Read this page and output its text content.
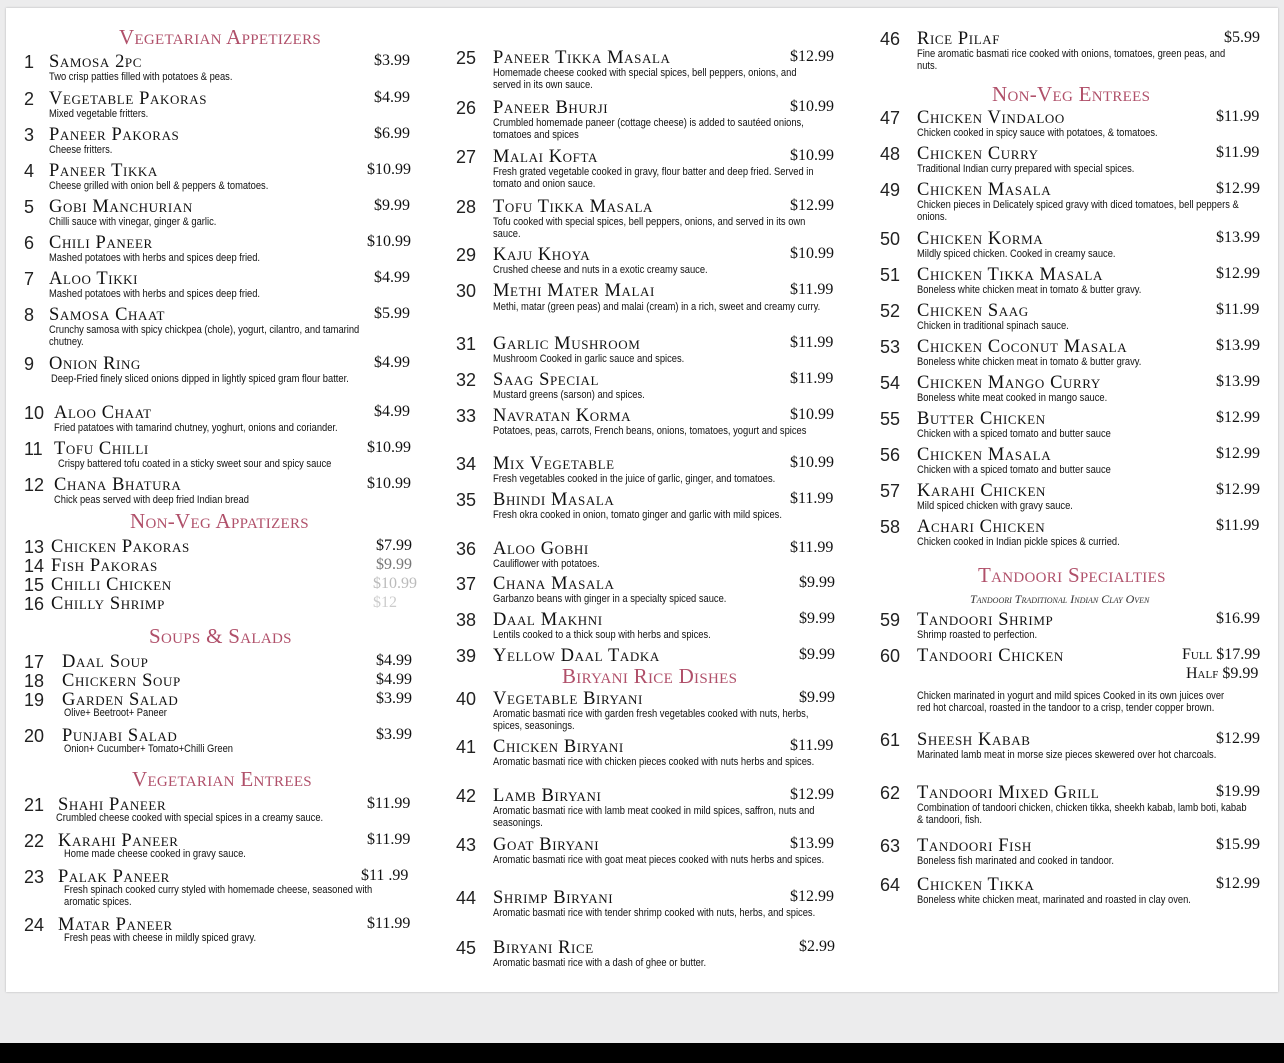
Vegetarian Appetizers
1 Samosa 2pc	$3.99
Two crisp patties filled with potatoes & peas.
2 Vegetable Pakoras	$4.99
Mixed vegetable fritters.
3 Paneer Pakoras	$6.99
Cheese fritters.
4 Paneer Tikka	$10.99
Cheese grilled with onion bell & peppers & tomatoes.
5 Gobi Manchurian	$9.99
Chilli sauce with vinegar, ginger & garlic.
6 Chili Paneer	$10.99
Mashed potatoes with herbs and spices deep fried.
7 Aloo Tikki	$4.99
Mashed potatoes with herbs and spices deep fried.
8 Samosa Chaat	$5.99
Crunchy samosa with spicy chickpea (chole), yogurt, cilantro, and tamarind chutney.
9 Onion Ring	$4.99
Deep-Fried finely sliced onions dipped in lightly spiced gram flour batter.
10 Aloo Chaat	$4.99
Fried patatoes with tamarind chutney, yoghurt, onions and coriander.
11 Tofu Chilli	$10.99
Crispy battered tofu coated in a sticky sweet sour and spicy sauce
12 Chana Bhatura	$10.99
Chick peas served with deep fried Indian bread
Non-Veg Appatizers
13 Chicken Pakoras	$7.99
14 Fish Pakoras	$9.99
15 Chilli Chicken	$10.99
16 Chilly Shrimp	$12
Soups & Salads
17 Daal Soup	$4.99
18 Chickern Soup	$4.99
19 Garden Salad	$3.99
Olive+ Beetroot+ Paneer
20 Punjabi Salad	$3.99
Onion+ Cucumber+ Tomato+Chilli Green
Vegetarian Entrees
21 Shahi Paneer	$11.99
Crumbled cheese cooked with special spices in a creamy sauce.
22 Karahi Paneer	$11.99
Home made cheese cooked in gravy sauce.
23 Palak Paneer	$11 .99
Fresh spinach cooked curry styled with homemade cheese, seasoned with aromatic spices.
24 Matar Paneer	$11.99
Fresh peas with cheese in mildly spiced gravy.
25 Paneer Tikka Masala	$12.99
Homemade cheese cooked with special spices, bell peppers, onions, and served in its own sauce.
26 Paneer Bhurji	$10.99
Crumbled homemade paneer (cottage cheese) is added to sautéed onions, tomatoes and spices
27 Malai Kofta	$10.99
Fresh grated vegetable cooked in gravy, flour batter and deep fried. Served in tomato and onion sauce.
28 Tofu Tikka Masala	$12.99
Tofu cooked with special spices, bell peppers, onions, and served in its own sauce.
29 Kaju Khoya	$10.99
Crushed cheese and nuts in a exotic creamy sauce.
30 Methi Mater Malai	$11.99
Methi, matar (green peas) and malai (cream) in a rich, sweet and creamy curry.
31 Garlic Mushroom	$11.99
Mushroom Cooked in garlic sauce and spices.
32 Saag Special	$11.99
Mustard greens (sarson) and spices.
33 Navratan Korma	$10.99
Potatoes, peas, carrots, French beans, onions, tomatoes, yogurt and spices
34 Mix Vegetable	$10.99
Fresh vegetables cooked in the juice of garlic, ginger, and tomatoes.
35 Bhindi Masala	$11.99
Fresh okra cooked in onion, tomato ginger and garlic with mild spices.
36 Aloo Gobhi	$11.99
Cauliflower with potatoes.
37 Chana Masala	$9.99
Garbanzo beans with ginger in a specialty spiced sauce.
38 Daal Makhni	$9.99
Lentils cooked to a thick soup with herbs and spices.
39 Yellow Daal Tadka	$9.99
Biryani Rice Dishes
40 Vegetable Biryani	$9.99
Aromatic basmati rice with garden fresh vegetables cooked with nuts, herbs, spices, seasonings.
41 Chicken Biryani	$11.99
Aromatic basmati rice with chicken pieces cooked with nuts herbs and spices.
42 Lamb Biryani	$12.99
Aromatic basmati rice with lamb meat cooked in mild spices, saffron, nuts and seasonings.
43 Goat Biryani	$13.99
Aromatic basmati rice with goat meat pieces cooked with nuts herbs and spices.
44 Shrimp Biryani	$12.99
Aromatic basmati rice with tender shrimp cooked with nuts, herbs, and spices.
45 Biryani Rice	$2.99
Aromatic basmati rice with a dash of ghee or butter.
46 Rice Pilaf	$5.99
Fine aromatic basmati rice cooked with onions, tomatoes, green peas, and nuts.
Non-Veg Entrees
47 Chicken Vindaloo	$11.99
Chicken cooked in spicy sauce with potatoes, & tomatoes.
48 Chicken Curry	$11.99
Traditional Indian curry prepared with special spices.
49 Chicken Masala	$12.99
Chicken pieces in Delicately spiced gravy with diced tomatoes, bell peppers & onions.
50 Chicken Korma	$13.99
Mildly spiced chicken. Cooked in creamy sauce.
51 Chicken Tikka Masala	$12.99
Boneless white chicken meat in tomato & butter gravy.
52 Chicken Saag	$11.99
Chicken in traditional spinach sauce.
53 Chicken Coconut Masala	$13.99
Boneless white chicken meat in tomato & butter gravy.
54 Chicken Mango Curry	$13.99
Boneless white meat cooked in mango sauce.
55 Butter Chicken	$12.99
Chicken with a spiced tomato and butter sauce
56 Chicken Masala	$12.99
Chicken with a spiced tomato and butter sauce
57 Karahi Chicken	$12.99
Mild spiced chicken with gravy sauce.
58 Achari Chicken	$11.99
Chicken cooked in Indian pickle spices & curried.
Tandoori Specialties
Tandoori Traditional Indian Clay Oven
59 Tandoori Shrimp	$16.99
Shrimp roasted to perfection.
60 Tandoori Chicken	Full $17.99
Half $9.99
Chicken marinated in yogurt and mild spices Cooked in its own juices over red hot charcoal, roasted in the tandoor to a crisp, tender copper brown.
61 Sheesh Kabab	$12.99
Marinated lamb meat in morse size pieces skewered over hot charcoals.
62 Tandoori Mixed Grill	$19.99
Combination of tandoori chicken, chicken tikka, sheekh kabab, lamb boti, kabab & tandoori, fish.
63 Tandoori Fish	$15.99
Boneless fish marinated and cooked in tandoor.
64 Chicken Tikka	$12.99
Boneless white chicken meat, marinated and roasted in clay oven.
